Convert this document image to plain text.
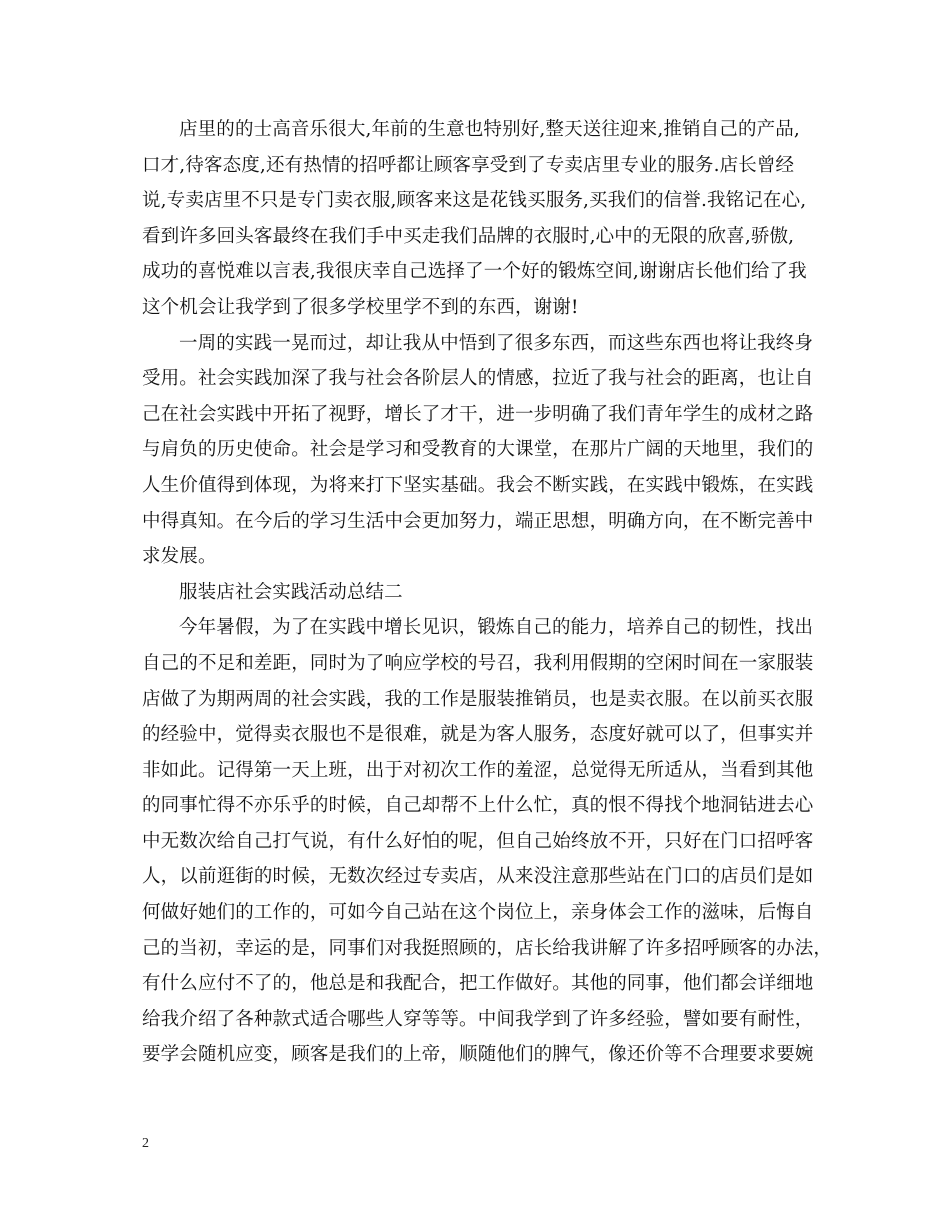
店里的的士高音乐很大,年前的生意也特别好,整天送往迎来,推销自己的产品,
口才,待客态度,还有热情的招呼都让顾客享受到了专卖店里专业的服务.店长曾经
说,专卖店里不只是专门卖衣服,顾客来这是花钱买服务,买我们的信誉.我铭记在心,
看到许多回头客最终在我们手中买走我们品牌的衣服时,心中的无限的欣喜,骄傲,
成功的喜悦难以言表,我很庆幸自己选择了一个好的锻炼空间,谢谢店长他们给了我
这个机会让我学到了很多学校里学不到的东西，谢谢!
一周的实践一晃而过，却让我从中悟到了很多东西，而这些东西也将让我终身
受用。社会实践加深了我与社会各阶层人的情感，拉近了我与社会的距离，也让自
己在社会实践中开拓了视野，增长了才干，进一步明确了我们青年学生的成材之路
与肩负的历史使命。社会是学习和受教育的大课堂，在那片广阔的天地里，我们的
人生价值得到体现，为将来打下坚实基础。我会不断实践，在实践中锻炼，在实践
中得真知。在今后的学习生活中会更加努力，端正思想，明确方向，在不断完善中
求发展。
服装店社会实践活动总结二
今年暑假，为了在实践中增长见识，锻炼自己的能力，培养自己的韧性，找出
自己的不足和差距，同时为了响应学校的号召，我利用假期的空闲时间在一家服装
店做了为期两周的社会实践，我的工作是服装推销员，也是卖衣服。在以前买衣服
的经验中，觉得卖衣服也不是很难，就是为客人服务，态度好就可以了，但事实并
非如此。记得第一天上班，出于对初次工作的羞涩，总觉得无所适从，当看到其他
的同事忙得不亦乐乎的时候，自己却帮不上什么忙，真的恨不得找个地洞钻进去心
中无数次给自己打气说，有什么好怕的呢，但自己始终放不开，只好在门口招呼客
人，以前逛街的时候，无数次经过专卖店，从来没注意那些站在门口的店员们是如
何做好她们的工作的，可如今自己站在这个岗位上，亲身体会工作的滋味，后悔自
己的当初，幸运的是，同事们对我挺照顾的，店长给我讲解了许多招呼顾客的办法，
有什么应付不了的，他总是和我配合，把工作做好。其他的同事，他们都会详细地
给我介绍了各种款式适合哪些人穿等等。中间我学到了许多经验，譬如要有耐性，
要学会随机应变，顾客是我们的上帝，顺随他们的脾气，像还价等不合理要求要婉
2
